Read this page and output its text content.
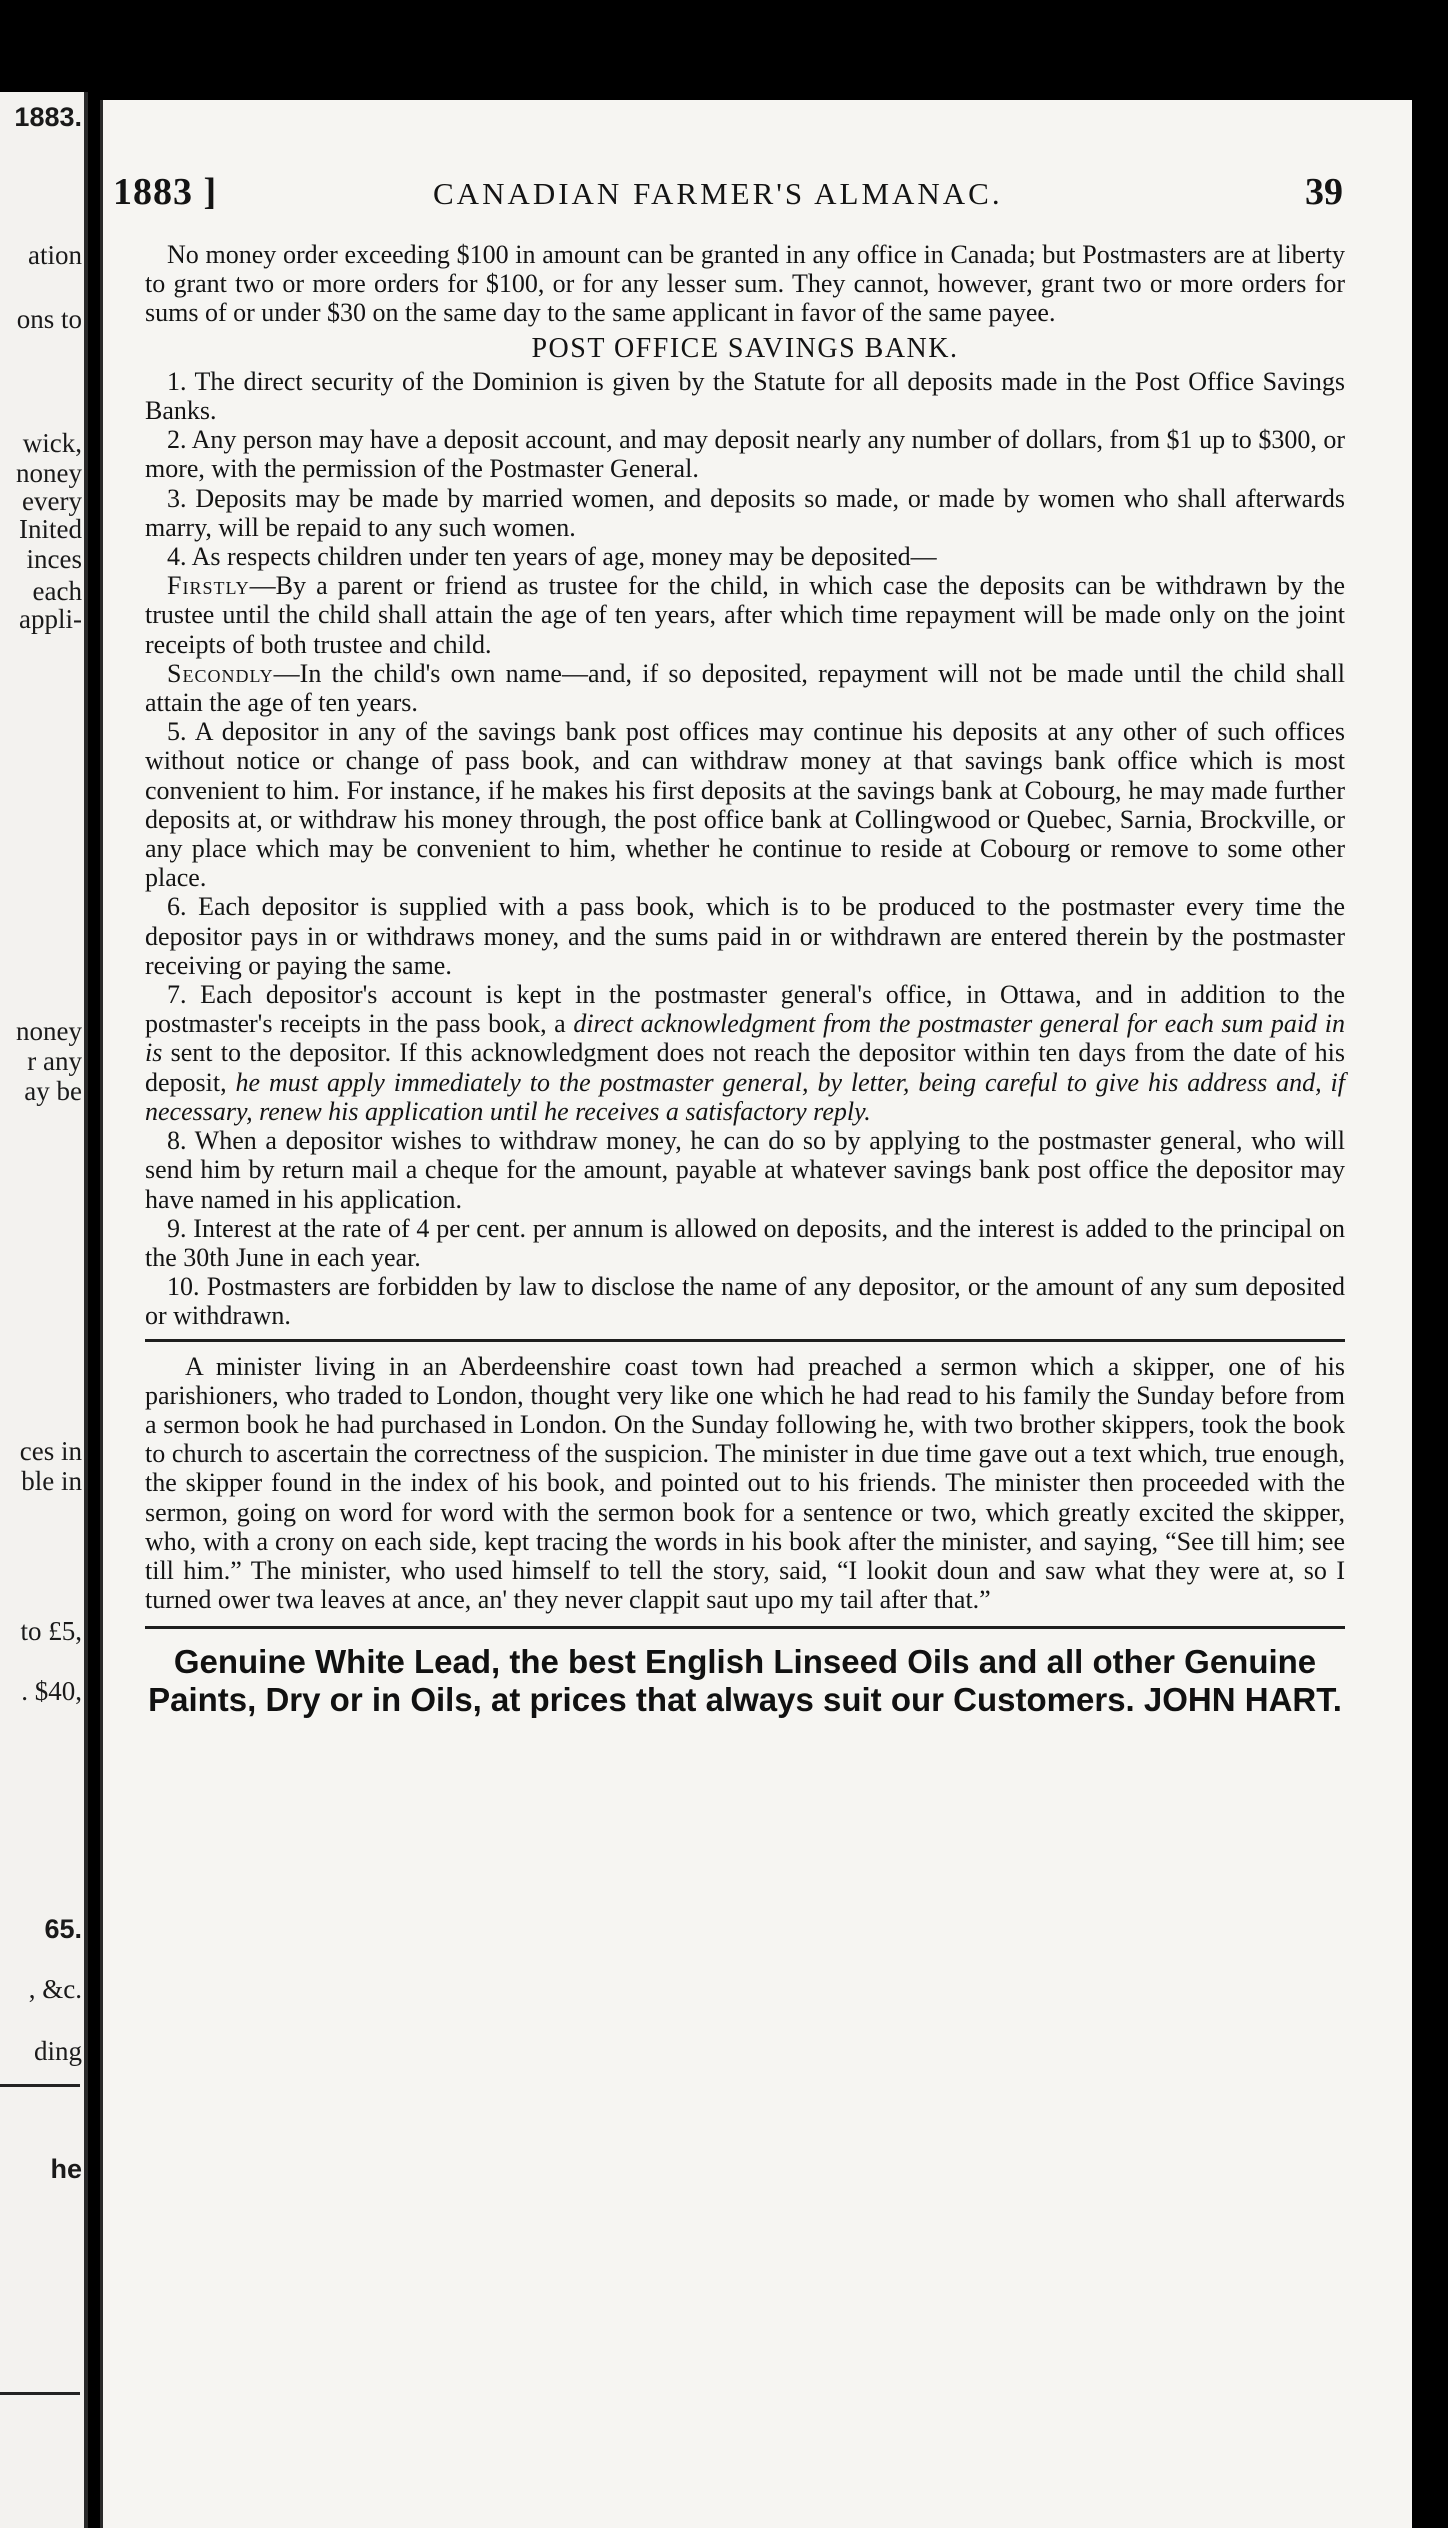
1883.
ation
ons to
wick,
noney
every
Inited
inces
each
appli-
noney
r any
ay be
ces in
ble in
to £5,
. $40,
65.
, &c.
ding
he
1883 ]	CANADIAN FARMER'S ALMANAC.	39

No money order exceeding $100 in amount can be granted in any office in Canada; but Postmasters are at liberty to grant two or more orders for $100, or for any lesser sum. They cannot, however, grant two or more orders for sums of or under $30 on the same day to the same applicant in favor of the same payee.

POST OFFICE SAVINGS BANK.

1. The direct security of the Dominion is given by the Statute for all deposits made in the Post Office Savings Banks.

2. Any person may have a deposit account, and may deposit nearly any number of dollars, from $1 up to $300, or more, with the permission of the Postmaster General.

3. Deposits may be made by married women, and deposits so made, or made by women who shall afterwards marry, will be repaid to any such women.

4. As respects children under ten years of age, money may be deposited—

Firstly—By a parent or friend as trustee for the child, in which case the deposits can be withdrawn by the trustee until the child shall attain the age of ten years, after which time repayment will be made only on the joint receipts of both trustee and child.

Secondly—In the child's own name—and, if so deposited, repayment will not be made until the child shall attain the age of ten years.

5. A depositor in any of the savings bank post offices may continue his deposits at any other of such offices without notice or change of pass book, and can withdraw money at that savings bank office which is most convenient to him. For instance, if he makes his first deposits at the savings bank at Cobourg, he may made further deposits at, or withdraw his money through, the post office bank at Collingwood or Quebec, Sarnia, Brockville, or any place which may be convenient to him, whether he continue to reside at Cobourg or remove to some other place.

6. Each depositor is supplied with a pass book, which is to be produced to the postmaster every time the depositor pays in or withdraws money, and the sums paid in or withdrawn are entered therein by the postmaster receiving or paying the same.

7. Each depositor's account is kept in the postmaster general's office, in Ottawa, and in addition to the postmaster's receipts in the pass book, a direct acknowledgment from the postmaster general for each sum paid in is sent to the depositor. If this acknowledgment does not reach the depositor within ten days from the date of his deposit, he must apply immediately to the postmaster general, by letter, being careful to give his address and, if necessary, renew his application until he receives a satisfactory reply.

8. When a depositor wishes to withdraw money, he can do so by applying to the postmaster general, who will send him by return mail a cheque for the amount, payable at whatever savings bank post office the depositor may have named in his application.

9. Interest at the rate of 4 per cent. per annum is allowed on deposits, and the interest is added to the principal on the 30th June in each year.

10. Postmasters are forbidden by law to disclose the name of any depositor, or the amount of any sum deposited or withdrawn.

A minister living in an Aberdeenshire coast town had preached a sermon which a skipper, one of his parishioners, who traded to London, thought very like one which he had read to his family the Sunday before from a sermon book he had purchased in London. On the Sunday following he, with two brother skippers, took the book to church to ascertain the correctness of the suspicion. The minister in due time gave out a text which, true enough, the skipper found in the index of his book, and pointed out to his friends. The minister then proceeded with the sermon, going on word for word with the sermon book for a sentence or two, which greatly excited the skipper, who, with a crony on each side, kept tracing the words in his book after the minister, and saying, “See till him; see till him.” The minister, who used himself to tell the story, said, “I lookit doun and saw what they were at, so I turned ower twa leaves at ance, an' they never clappit saut upo my tail after that.”

Genuine White Lead, the best English Linseed Oils and all other Genuine Paints, Dry or in Oils, at prices that always suit our Customers. JOHN HART.
